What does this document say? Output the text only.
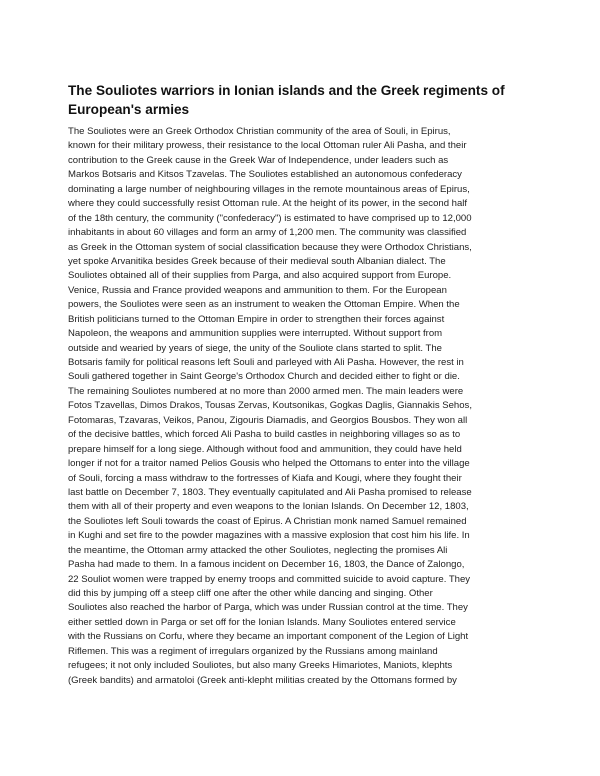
The Souliotes warriors in Ionian islands and the Greek regiments of
European's armies
The Souliotes were an Greek Orthodox Christian community of the area of Souli, in Epirus,
known for their military prowess, their resistance to the local Ottoman ruler Ali Pasha, and their
contribution to the Greek cause in the Greek War of Independence, under leaders such as
Markos Botsaris and Kitsos Tzavelas. The Souliotes established an autonomous confederacy
dominating a large number of neighbouring villages in the remote mountainous areas of Epirus,
where they could successfully resist Ottoman rule. At the height of its power, in the second half
of the 18th century, the community ("confederacy") is estimated to have comprised up to 12,000
inhabitants in about 60 villages and form an army of 1,200 men. The community was classified
as Greek in the Ottoman system of social classification because they were Orthodox Christians,
yet spoke Arvanitika besides Greek because of their medieval south Albanian dialect. The
Souliotes obtained all of their supplies from Parga, and also acquired support from Europe.
Venice, Russia and France provided weapons and ammunition to them. For the European
powers, the Souliotes were seen as an instrument to weaken the Ottoman Empire. When the
British politicians turned to the Ottoman Empire in order to strengthen their forces against
Napoleon, the weapons and ammunition supplies were interrupted. Without support from
outside and wearied by years of siege, the unity of the Souliote clans started to split. The
Botsaris family for political reasons left Souli and parleyed with Ali Pasha. However, the rest in
Souli gathered together in Saint George's Orthodox Church and decided either to fight or die.
The remaining Souliotes numbered at no more than 2000 armed men. The main leaders were
Fotos Tzavellas, Dimos Drakos, Tousas Zervas, Koutsonikas, Gogkas Daglis, Giannakis Sehos,
Fotomaras, Tzavaras, Veikos, Panou, Zigouris Diamadis, and Georgios Bousbos. They won all
of the decisive battles, which forced Ali Pasha to build castles in neighboring villages so as to
prepare himself for a long siege. Although without food and ammunition, they could have held
longer if not for a traitor named Pelios Gousis who helped the Ottomans to enter into the village
of Souli, forcing a mass withdraw to the fortresses of Kiafa and Kougi, where they fought their
last battle on December 7, 1803. They eventually capitulated and Ali Pasha promised to release
them with all of their property and even weapons to the Ionian Islands. On December 12, 1803,
the Souliotes left Souli towards the coast of Epirus. A Christian monk named Samuel remained
in Kughi and set fire to the powder magazines with a massive explosion that cost him his life. In
the meantime, the Ottoman army attacked the other Souliotes, neglecting the promises Ali
Pasha had made to them. In a famous incident on December 16, 1803, the Dance of Zalongo,
22 Souliot women were trapped by enemy troops and committed suicide to avoid capture. They
did this by jumping off a steep cliff one after the other while dancing and singing. Other
Souliotes also reached the harbor of Parga, which was under Russian control at the time. They
either settled down in Parga or set off for the Ionian Islands. Many Souliotes entered service
with the Russians on Corfu, where they became an important component of the Legion of Light
Riflemen. This was a regiment of irregulars organized by the Russians among mainland
refugees; it not only included Souliotes, but also many Greeks Himariotes, Maniots, klephts
(Greek bandits) and armatoloi (Greek anti-klepht militias created by the Ottomans formed by
